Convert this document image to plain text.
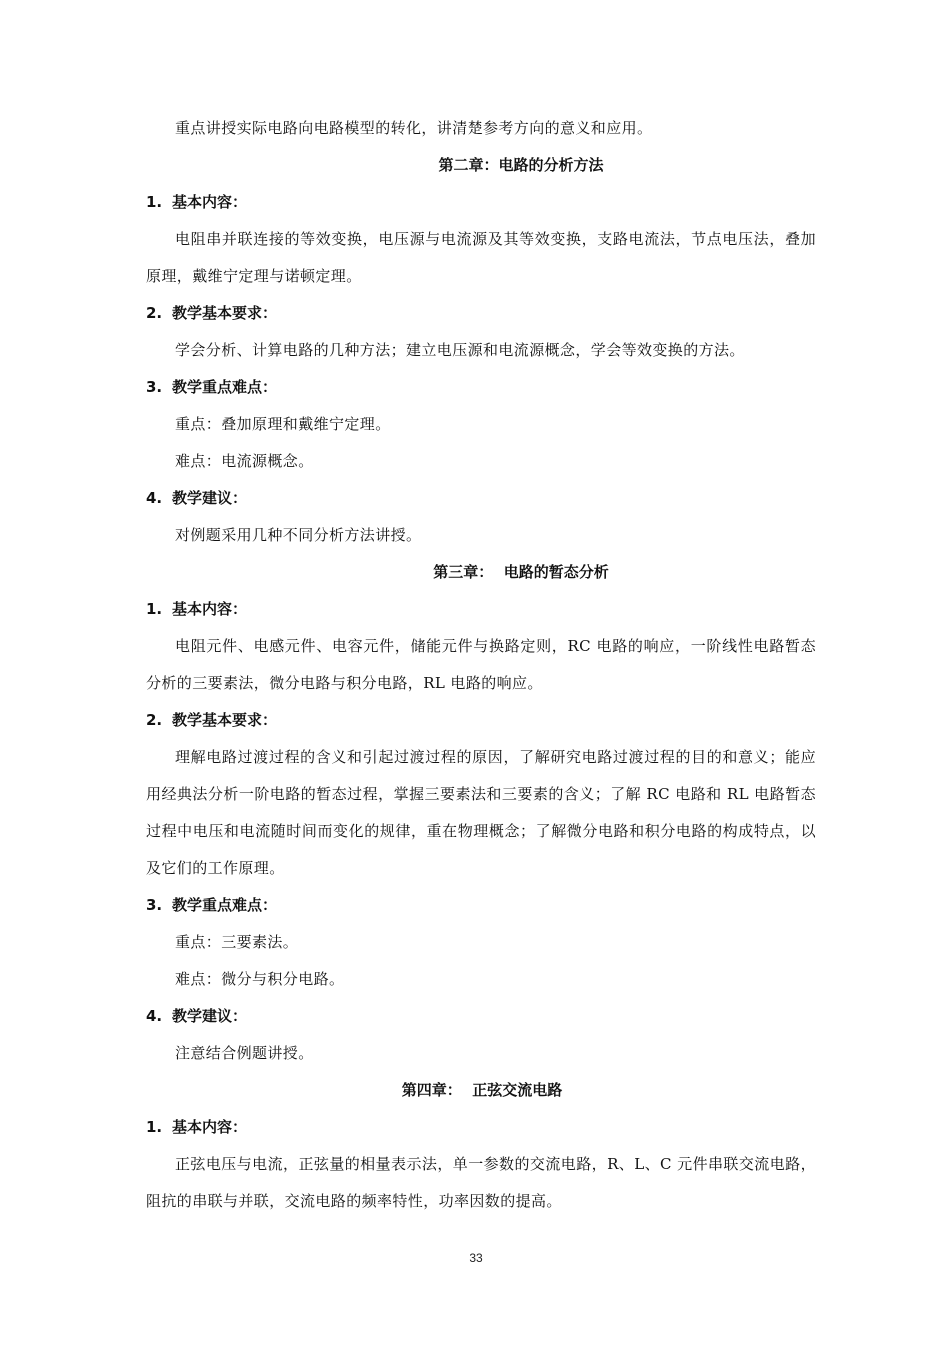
重点讲授实际电路向电路模型的转化，讲清楚参考方向的意义和应用。

第二章：电路的分析方法

1. 基本内容：

电阻串并联连接的等效变换，电压源与电流源及其等效变换，支路电流法，节点电压法，叠加原理，戴维宁定理与诺顿定理。

2. 教学基本要求：

学会分析、计算电路的几种方法；建立电压源和电流源概念，学会等效变换的方法。

3. 教学重点难点：

重点：叠加原理和戴维宁定理。

难点：电流源概念。

4. 教学建议：

对例题采用几种不同分析方法讲授。

第三章：  电路的暂态分析

1. 基本内容：

电阻元件、电感元件、电容元件，储能元件与换路定则，RC 电路的响应，一阶线性电路暂态分析的三要素法，微分电路与积分电路，RL 电路的响应。

2. 教学基本要求：

理解电路过渡过程的含义和引起过渡过程的原因，了解研究电路过渡过程的目的和意义；能应用经典法分析一阶电路的暂态过程，掌握三要素法和三要素的含义；了解 RC 电路和 RL 电路暂态过程中电压和电流随时间而变化的规律，重在物理概念；了解微分电路和积分电路的构成特点，以及它们的工作原理。

3. 教学重点难点：

重点：三要素法。

难点：微分与积分电路。

4. 教学建议：

注意结合例题讲授。

第四章：  正弦交流电路

1. 基本内容：

正弦电压与电流，正弦量的相量表示法，单一参数的交流电路，R、L、C 元件串联交流电路，阻抗的串联与并联，交流电路的频率特性，功率因数的提高。

33
